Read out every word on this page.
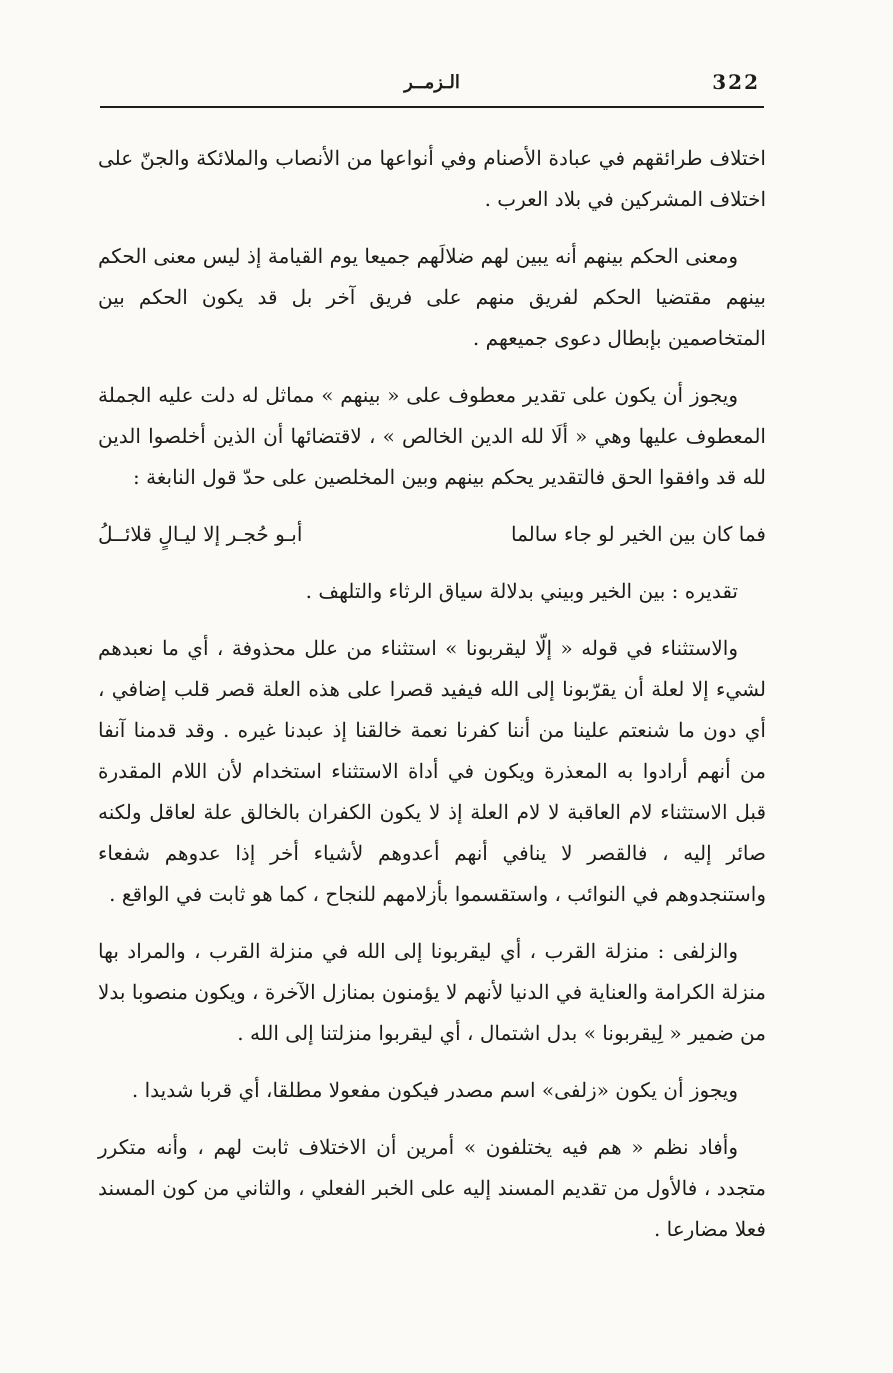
الـزمــر	322

اختلاف طرائقهم في عبادة الأصنام وفي أنواعها من الأنصاب والملائكة والجنّ على اختلاف المشركين في بلاد العرب .

ومعنى الحكم بينهم أنه يبين لهم ضلالَهم جميعا يوم القيامة إذ ليس معنى الحكم بينهم مقتضيا الحكم لفريق منهم على فريق آخر بل قد يكون الحكم بين المتخاصمين بإبطال دعوى جميعهم .

ويجوز أن يكون على تقدير معطوف على « بينهم » مماثل له دلت عليه الجملة المعطوف عليها وهي « ألَا لله الدين الخالص » ، لاقتضائها أن الذين أخلصوا الدين لله قد وافقوا الحق فالتقدير يحكم بينهم وبين المخلصين على حدّ قول النابغة :

فما كان بين الخير لو جاء سالما
أبـو حُجـر إلا ليـالٍ قلائــلُ

تقديره : بين الخير وبيني بدلالة سياق الرثاء والتلهف .

والاستثناء في قوله « إلّا ليقربونا » استثناء من علل محذوفة ، أي ما نعبدهم لشيء إلا لعلة أن يقرّبونا إلى الله فيفيد قصرا على هذه العلة قصر قلب إضافي ، أي دون ما شنعتم علينا من أننا كفرنا نعمة خالقنا إذ عبدنا غيره . وقد قدمنا آنفا من أنهم أرادوا به المعذرة ويكون في أداة الاستثناء استخدام لأن اللام المقدرة قبل الاستثناء لام العاقبة لا لام العلة إذ لا يكون الكفران بالخالق علة لعاقل ولكنه صائر إليه ، فالقصر لا ينافي أنهم أعدوهم لأشياء أخر إذا عدوهم شفعاء واستنجدوهم في النوائب ، واستقسموا بأزلامهم للنجاح ، كما هو ثابت في الواقع .

والزلفى : منزلة القرب ، أي ليقربونا إلى الله في منزلة القرب ، والمراد بها منزلة الكرامة والعناية في الدنيا لأنهم لا يؤمنون بمنازل الآخرة ، ويكون منصوبا بدلا من ضمير « لِيقربونا » بدل اشتمال ، أي ليقربوا منزلتنا إلى الله .

ويجوز أن يكون «زلفى» اسم مصدر فيكون مفعولا مطلقا، أي قربا شديدا .

وأفاد نظم « هم فيه يختلفون » أمرين أن الاختلاف ثابت لهم ، وأنه متكرر متجدد ، فالأول من تقديم المسند إليه على الخبر الفعلي ، والثاني من كون المسند فعلا مضارعا .
